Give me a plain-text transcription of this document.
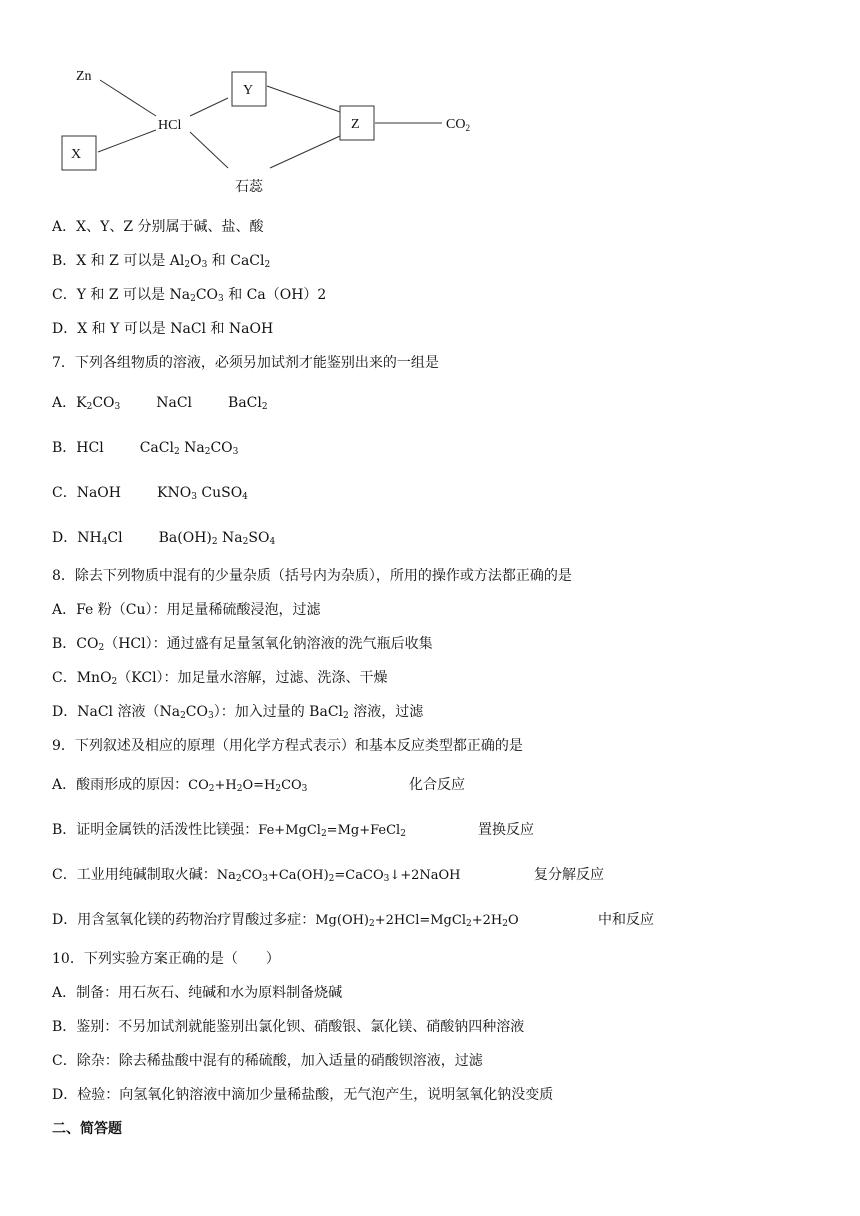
Zn
X
HCl
Y
Z
石蕊
$CO_2$
A．X、Y、Z 分别属于碱、盐、酸
B．X 和 Z 可以是 $Al_2O_3$ 和 CaCl$_2$
C．Y 和 Z 可以是 $Na_2CO_3$ 和 Ca（OH）2
D．X 和 Y 可以是 NaCl 和 NaOH
7．下列各组物质的溶液，必须另加试剂才能鉴别出来的一组是
A．$K_2CO_3$	NaCl	BaCl$_2$
B．HCl	CaCl$_2$ $Na_2CO_3$
C．NaOH	$KNO_3$ CuSO$_4$
D．$NH_4Cl$	$Ba(OH)_2$ $Na_2SO_4$
8．除去下列物质中混有的少量杂质（括号内为杂质），所用的操作或方法都正确的是
A．Fe 粉（Cu）：用足量稀硫酸浸泡，过滤
B．$CO_2(HCl)$：通过盛有足量氢氧化钠溶液的洗气瓶后收集
C．MnO$_2$（KCl）：加足量水溶解，过滤、洗涤、干燥
D．NaCl 溶液$(Na_2CO_3)$：加入过量的 BaCl$_2$ 溶液，过滤
9．下列叙述及相应的原理（用化学方程式表示）和基本反应类型都正确的是
A．酸雨形成的原因：$CO_2+H_2O=H_2CO_3$	化合反应
B．证明金属铁的活泼性比镁强：Fe+MgCl$_2$=Mg+FeCl$_2$	置换反应
C．工业用纯碱制取火碱：$Na_2CO_3+Ca(OH)_2=CaCO_3↓+2NaOH$	复分解反应
D．用含氢氧化镁的药物治疗胃酸过多症：$Mg(OH)_2+2HCl=MgCl_2+2H_2O$	中和反应
10．下列实验方案正确的是（　　）
A．制备：用石灰石、纯碱和水为原料制备烧碱
B．鉴别：不另加试剂就能鉴别出氯化钡、硝酸银、氯化镁、硝酸钠四种溶液
C．除杂：除去稀盐酸中混有的稀硫酸，加入适量的硝酸钡溶液，过滤
D．检验：向氢氧化钠溶液中滴加少量稀盐酸，无气泡产生，说明氢氧化钠没变质
二、简答题
